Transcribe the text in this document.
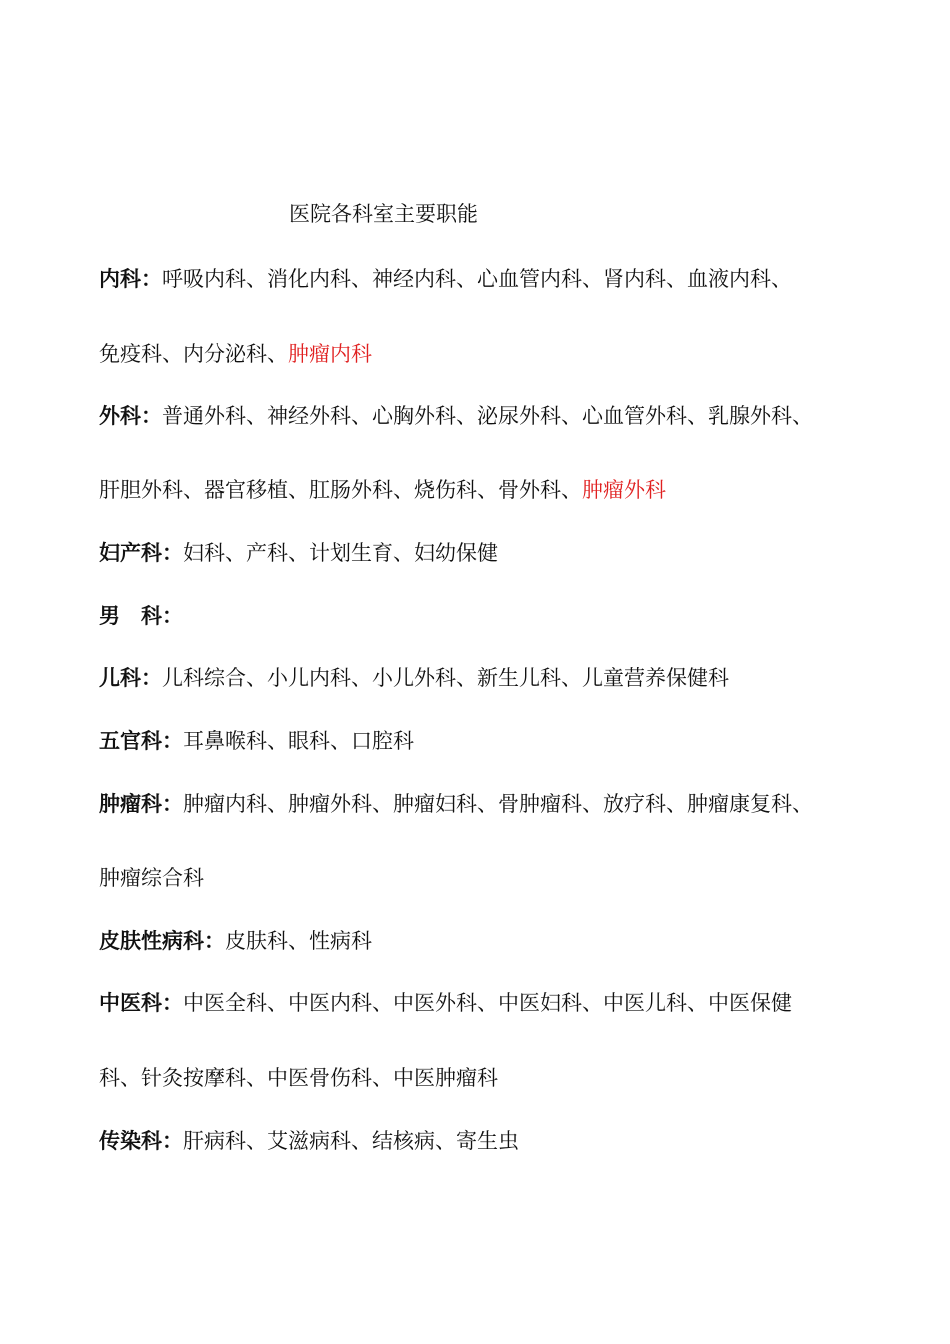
医院各科室主要职能
内科：呼吸内科、消化内科、神经内科、心血管内科、肾内科、血液内科、
免疫科、内分泌科、肿瘤内科
外科：普通外科、神经外科、心胸外科、泌尿外科、心血管外科、乳腺外科、
肝胆外科、器官移植、肛肠外科、烧伤科、骨外科、肿瘤外科
妇产科：妇科、产科、计划生育、妇幼保健
男 科：
儿科：儿科综合、小儿内科、小儿外科、新生儿科、儿童营养保健科
五官科：耳鼻喉科、眼科、口腔科
肿瘤科：肿瘤内科、肿瘤外科、肿瘤妇科、骨肿瘤科、放疗科、肿瘤康复科、
肿瘤综合科
皮肤性病科：皮肤科、性病科
中医科：中医全科、中医内科、中医外科、中医妇科、中医儿科、中医保健
科、针灸按摩科、中医骨伤科、中医肿瘤科
传染科：肝病科、艾滋病科、结核病、寄生虫
